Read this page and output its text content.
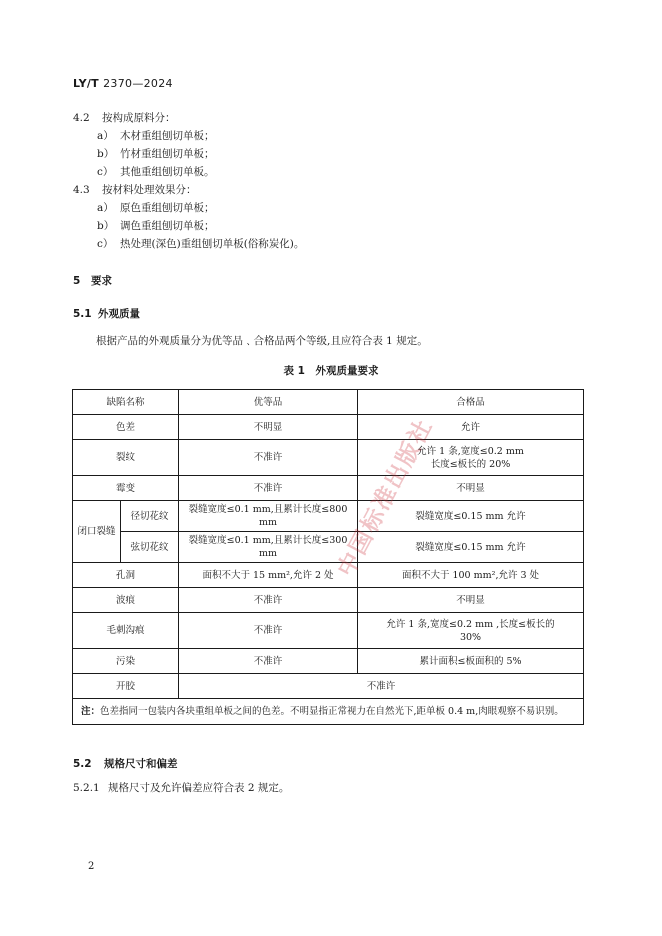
LY/T 2370—2024
4.2 按构成原料分：
a） 木材重组刨切单板；
b） 竹材重组刨切单板；
c） 其他重组刨切单板。
4.3 按材料处理效果分：
a） 原色重组刨切单板；
b） 调色重组刨切单板；
c） 热处理(深色)重组刨切单板(俗称炭化)。
5 要求
5.1 外观质量
根据产品的外观质量分为优等品﹑合格品两个等级,且应符合表 1 规定。
表 1　外观质量要求
缺陷名称		优等品	合格品
色差		不明显	允许
裂纹		不准许	允许 1 条,宽度≤0.2 mm
长度≤板长的 20%

霉变		不准许	不明显
闭口裂缝	径切花纹	裂缝宽度≤0.1 mm,且累计长度≤800 mm	裂缝宽度≤0.15 mm 允许
	弦切花纹	裂缝宽度≤0.1 mm,且累计长度≤300 mm	裂缝宽度≤0.15 mm 允许
孔洞		面积不大于 15 mm²,允许 2 处	面积不大于 100 mm²,允许 3 处
波痕		不准许	不明显
毛刺沟痕		不准许	允许 1 条,宽度≤0.2 mm ,长度≤板长的
30%

污染		不准许	累计面积≤板面积的 5%
开胶		不准许	
注：色差指同一包装内各块重组单板之间的色差。不明显指正常视力在自然光下,距单板 0.4 m,肉眼观察不易识别。			
5.2 规格尺寸和偏差
5.2.1 规格尺寸及允许偏差应符合表 2 规定。
2
中国标准出版社
